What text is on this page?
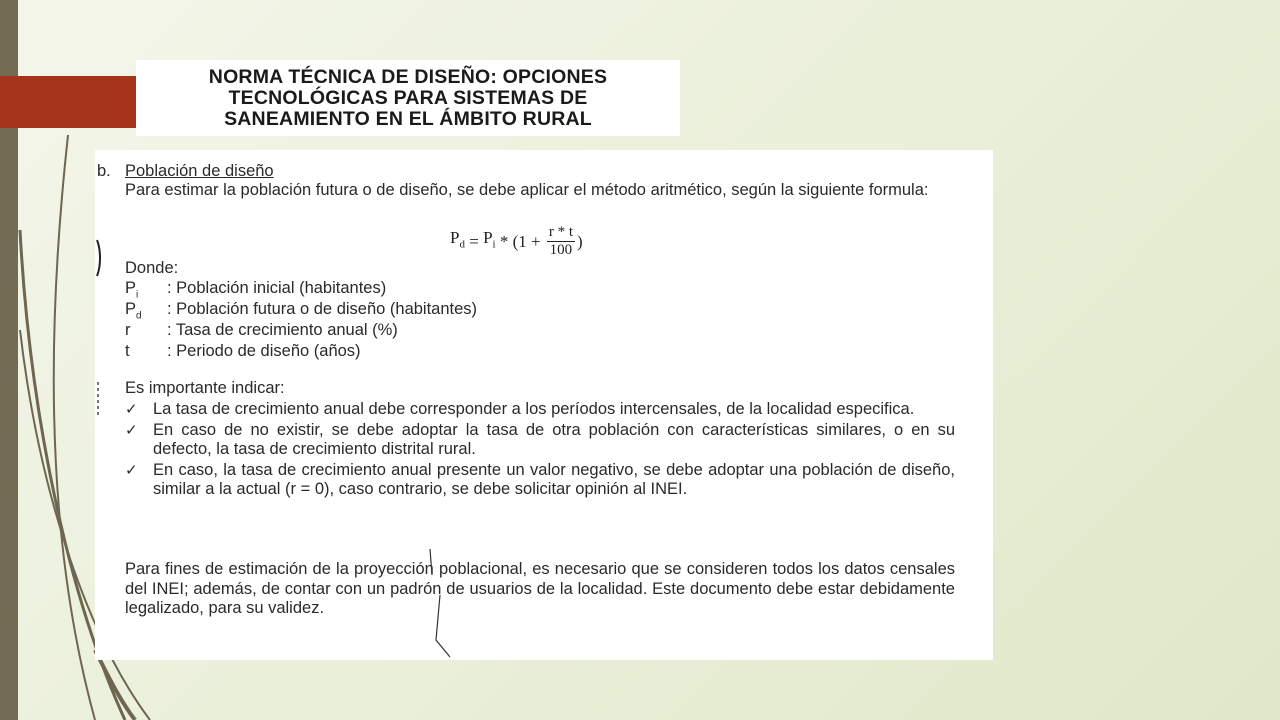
NORMA TÉCNICA DE DISEÑO: OPCIONES
TECNOLÓGICAS PARA SISTEMAS DE
SANEAMIENTO EN EL ÁMBITO RURAL
b. Población de diseño
Para estimar la población futura o de diseño, se debe aplicar el método aritmético, según la siguiente formula:
$P_d$
=
$P_i$
* (1 +
$\frac{r * t}{100}$ )
Donde:
$P_i$	: Población inicial (habitantes)
$P_d$	: Población futura o de diseño (habitantes)
r	: Tasa de crecimiento anual (%)
t	: Periodo de diseño (años)
Es importante indicar:
✓ La tasa de crecimiento anual debe corresponder a los períodos intercensales, de la localidad especifica.
✓ En caso de no existir, se debe adoptar la tasa de otra población con características similares, o en su defecto, la tasa de crecimiento distrital rural.
✓ En caso, la tasa de crecimiento anual presente un valor negativo, se debe adoptar una población de diseño, similar a la actual (r = 0), caso contrario, se debe solicitar opinión al INEI.
Para fines de estimación de la proyección poblacional, es necesario que se consideren todos los datos censales del INEI; además, de contar con un padrón de usuarios de la localidad. Este documento debe estar debidamente legalizado, para su validez.
